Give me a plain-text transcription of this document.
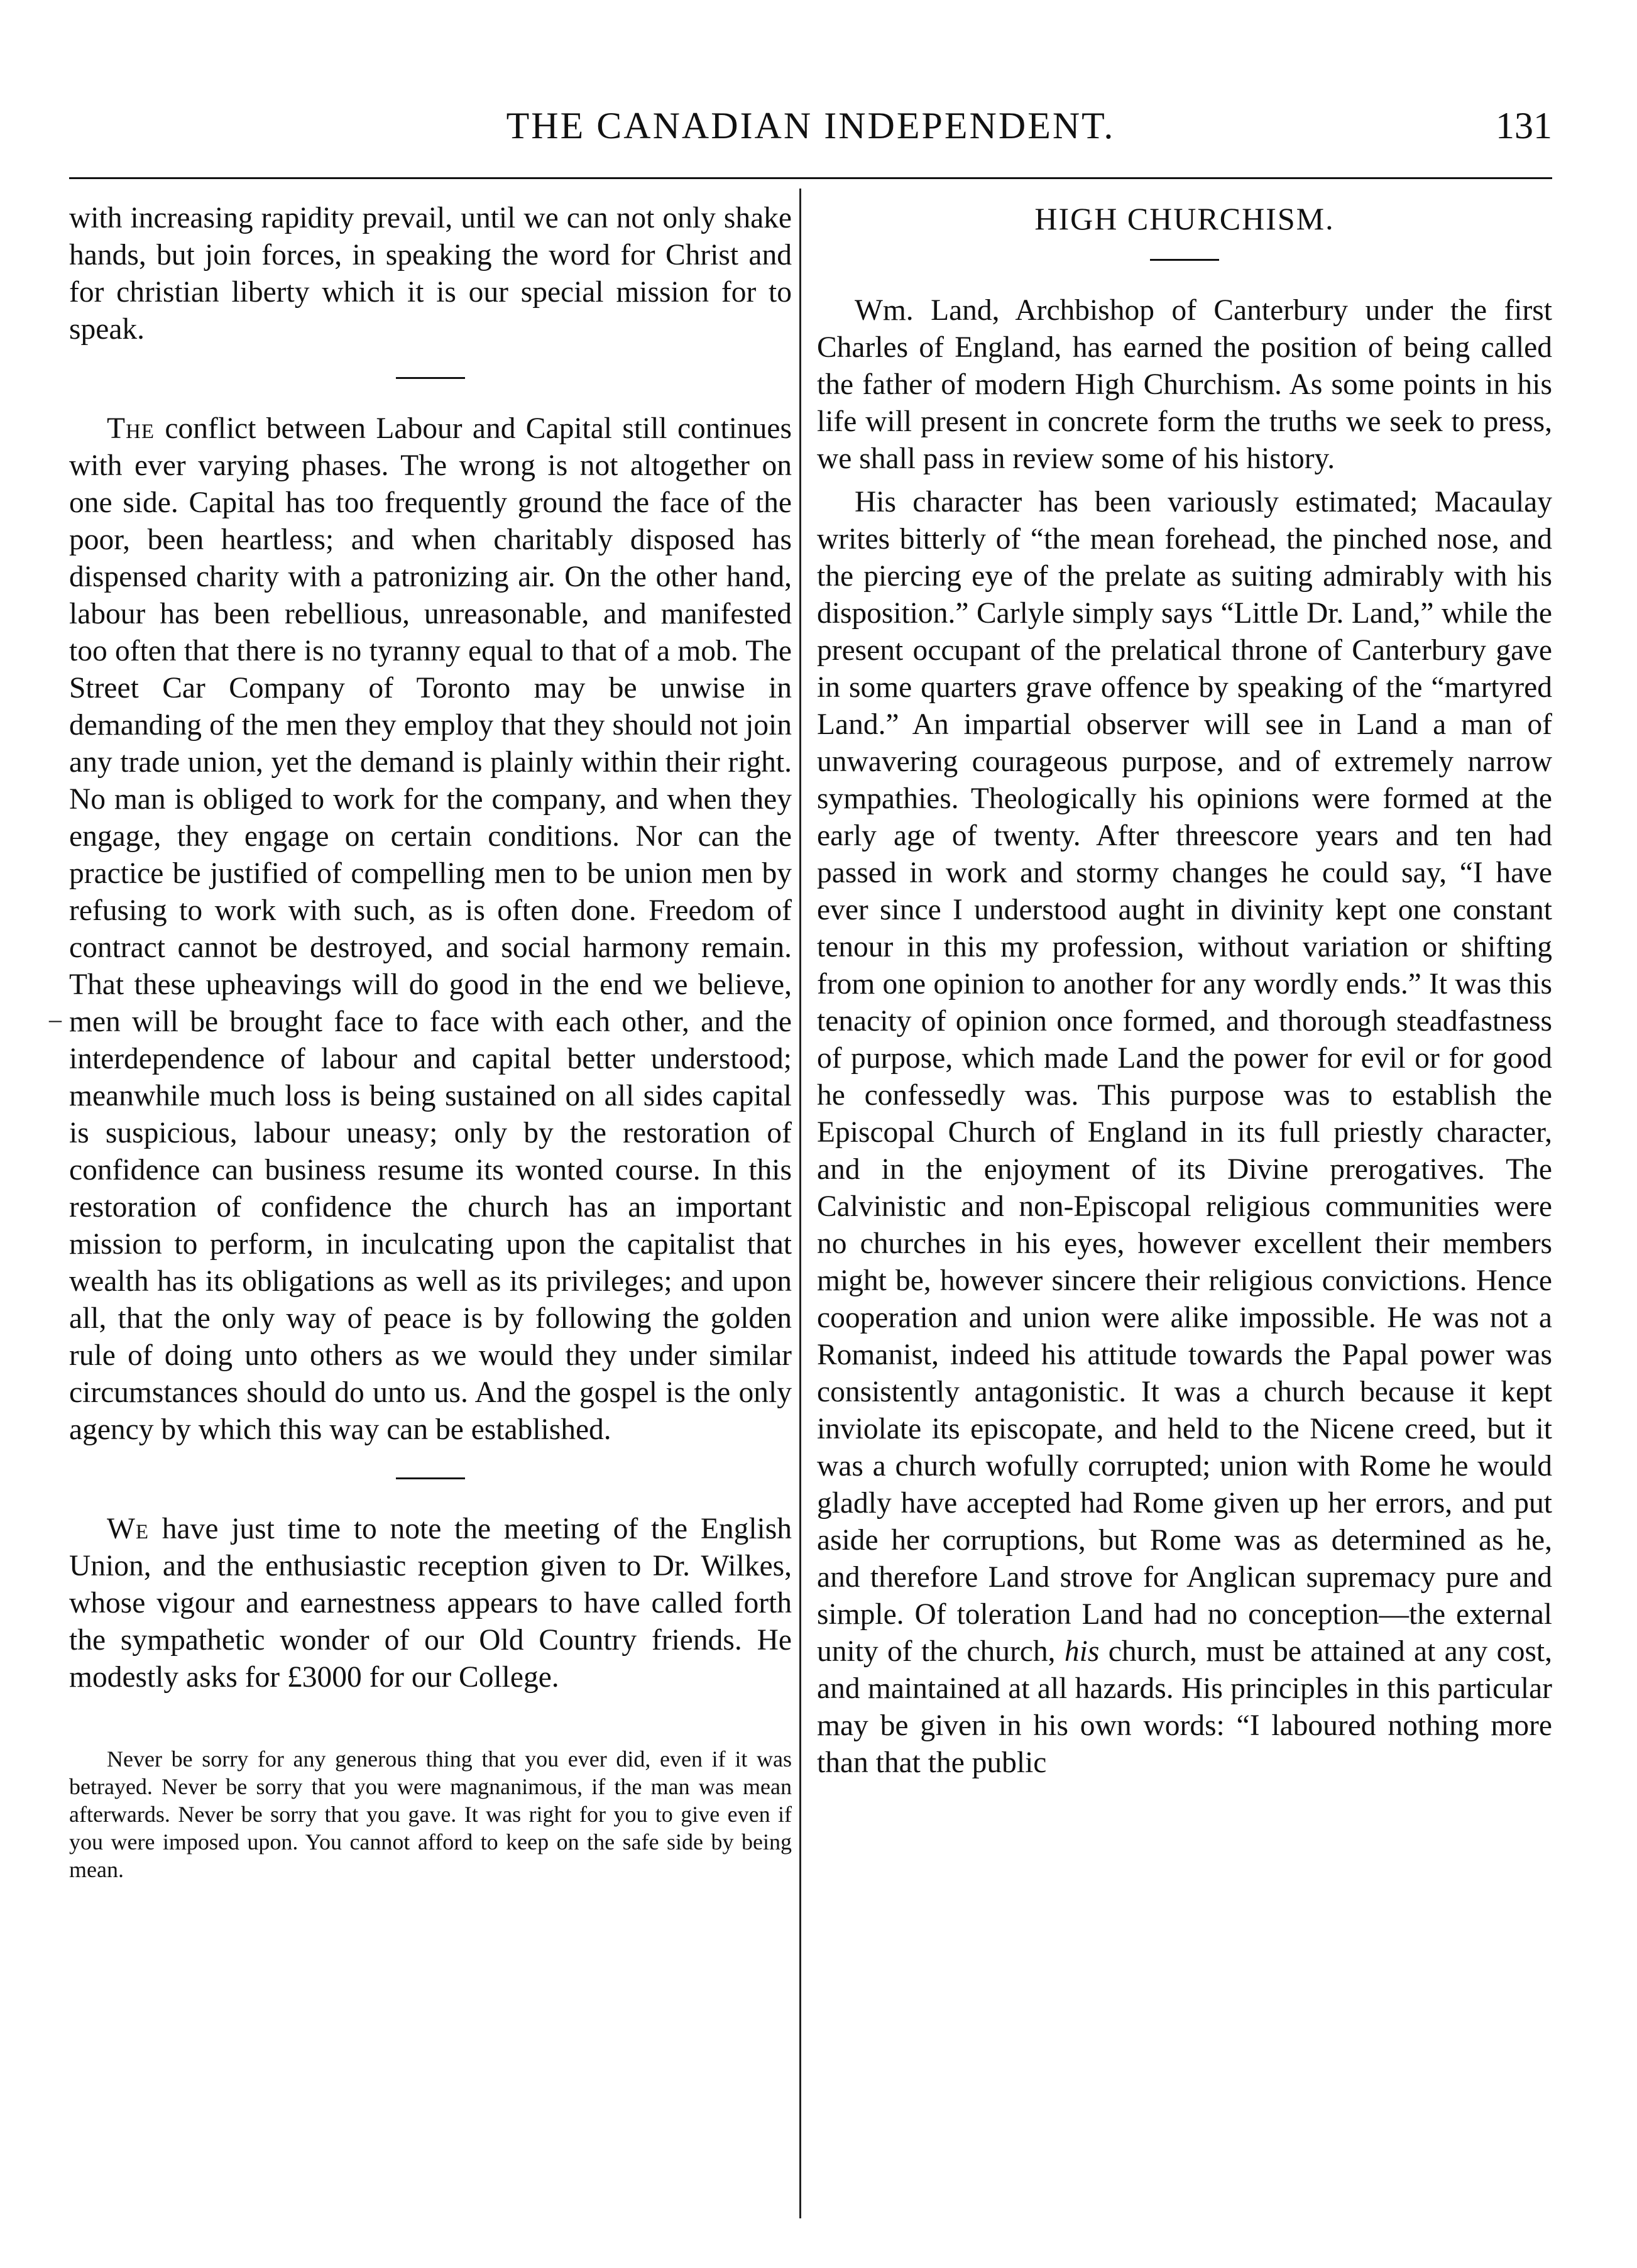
THE CANADIAN INDEPENDENT.	131
–

with increasing rapidity prevail, until we can not only shake hands, but join forces, in speaking the word for Christ and for christian liberty which it is our special mission for to speak.

The conflict between Labour and Capital still continues with ever varying phases. The wrong is not altogether on one side. Capital has too frequently ground the face of the poor, been heartless; and when charitably disposed has dispensed charity with a patronizing air. On the other hand, labour has been rebellious, unreasonable, and manifested too often that there is no tyranny equal to that of a mob. The Street Car Company of Toronto may be unwise in demanding of the men they employ that they should not join any trade union, yet the demand is plainly within their right. No man is obliged to work for the company, and when they engage, they engage on certain conditions. Nor can the practice be justified of compelling men to be union men by refusing to work with such, as is often done. Freedom of contract cannot be destroyed, and social harmony remain. That these upheavings will do good in the end we believe, men will be brought face to face with each other, and the interdependence of labour and capital better understood; meanwhile much loss is being sustained on all sides capital is suspicious, labour uneasy; only by the restoration of confidence can business resume its wonted course. In this restoration of confidence the church has an important mission to perform, in inculcating upon the capitalist that wealth has its obligations as well as its privileges; and upon all, that the only way of peace is by following the golden rule of doing unto others as we would they under similar circumstances should do unto us. And the gospel is the only agency by which this way can be established.

We have just time to note the meeting of the English Union, and the enthusiastic reception given to Dr. Wilkes, whose vigour and earnestness appears to have called forth the sympathetic wonder of our Old Country friends. He modestly asks for £3000 for our College.

Never be sorry for any generous thing that you ever did, even if it was betrayed. Never be sorry that you were magnanimous, if the man was mean afterwards. Never be sorry that you gave. It was right for you to give even if you were imposed upon. You cannot afford to keep on the safe side by being mean.

HIGH CHURCHISM.

Wm. Land, Archbishop of Canterbury under the first Charles of England, has earned the position of being called the father of modern High Churchism. As some points in his life will present in concrete form the truths we seek to press, we shall pass in review some of his history.

His character has been variously estimated; Macaulay writes bitterly of “the mean forehead, the pinched nose, and the piercing eye of the prelate as suiting admirably with his disposition.” Carlyle simply says “Little Dr. Land,” while the present occupant of the prelatical throne of Canterbury gave in some quarters grave offence by speaking of the “martyred Land.” An impartial observer will see in Land a man of unwavering courageous purpose, and of extremely narrow sympathies. Theologically his opinions were formed at the early age of twenty. After threescore years and ten had passed in work and stormy changes he could say, “I have ever since I understood aught in divinity kept one constant tenour in this my profession, without variation or shifting from one opinion to another for any wordly ends.” It was this tenacity of opinion once formed, and thorough steadfastness of purpose, which made Land the power for evil or for good he confessedly was. This purpose was to establish the Episcopal Church of England in its full priestly character, and in the enjoyment of its Divine prerogatives. The Calvinistic and non-Episcopal religious communities were no churches in his eyes, however excellent their members might be, however sincere their religious convictions. Hence cooperation and union were alike impossible. He was not a Romanist, indeed his attitude towards the Papal power was consistently antagonistic. It was a church because it kept inviolate its episcopate, and held to the Nicene creed, but it was a church wofully corrupted; union with Rome he would gladly have accepted had Rome given up her errors, and put aside her corruptions, but Rome was as determined as he, and therefore Land strove for Anglican supremacy pure and simple. Of toleration Land had no conception—the external unity of the church, his church, must be attained at any cost, and maintained at all hazards. His principles in this particular may be given in his own words: “I laboured nothing more than that the public
